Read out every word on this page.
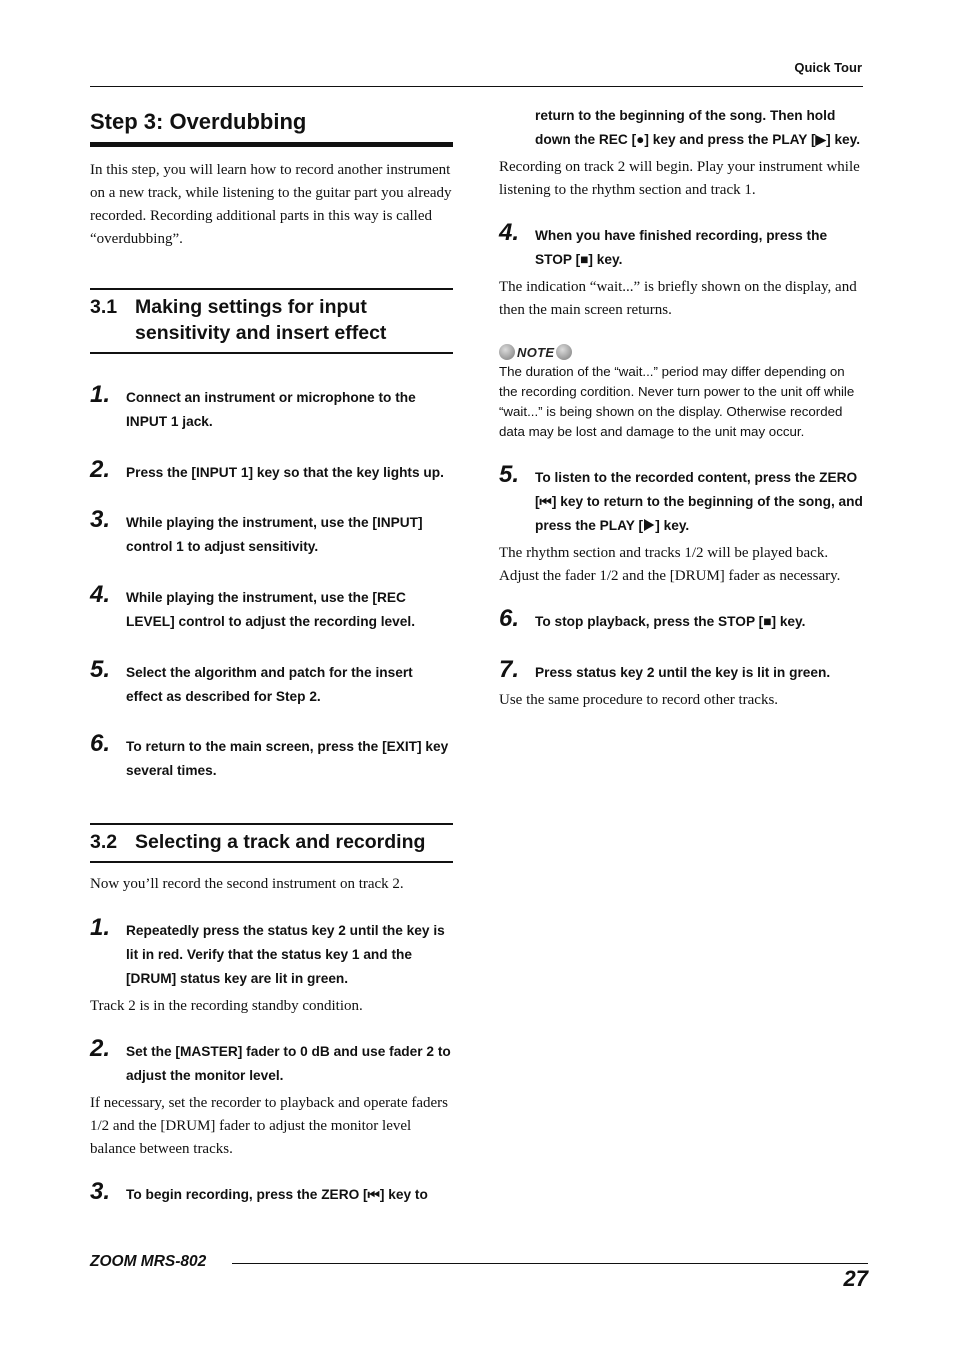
Quick Tour
Step 3: Overdubbing

In this step, you will learn how to record another instrument on a new track, while listening to the guitar part you already recorded. Recording additional parts in this way is called “overdubbing”.

3.1 Making settings for input sensitivity and insert effect
1.	Connect an instrument or microphone to the INPUT 1 jack.
2.	Press the [INPUT 1] key so that the key lights up.
3.	While playing the instrument, use the [INPUT] control 1 to adjust sensitivity.
4.	While playing the instrument, use the [REC LEVEL] control to adjust the recording level.
5.	Select the algorithm and patch for the insert effect as described for Step 2.
6.	To return to the main screen, press the [EXIT] key several times.
3.2 Selecting a track and recording

Now you’ll record the second instrument on track 2.

1.	Repeatedly press the status key 2 until the key is lit in red. Verify that the status key 1 and the [DRUM] status key are lit in green.

Track 2 is in the recording standby condition.

2.	Set the [MASTER] fader to 0 dB and use fader 2 to adjust the monitor level.

If necessary, set the recorder to playback and operate faders 1/2 and the [DRUM] fader to adjust the monitor level balance between tracks.

3.	To begin recording, press the ZERO [⏮] key to
return to the beginning of the song. Then hold down the REC [●] key and press the PLAY [▶] key.

Recording on track 2 will begin. Play your instrument while listening to the rhythm section and track 1.

4.	When you have finished recording, press the STOP [■] key.

The indication “wait...” is briefly shown on the display, and then the main screen returns.

NOTE

The duration of the “wait...” period may differ depending on the recording cordition. Never turn power to the unit off while “wait...” is being shown on the display. Otherwise recorded data may be lost and damage to the unit may occur.

5.	To listen to the recorded content, press the ZERO [⏮] key to return to the beginning of the song, and press the PLAY [▶] key.

The rhythm section and tracks 1/2 will be played back. Adjust the fader 1/2 and the [DRUM] fader as necessary.

6.	To stop playback, press the STOP [■] key.
7.	Press status key 2 until the key is lit in green.

Use the same procedure to record other tracks.

ZOOM MRS-802
27
